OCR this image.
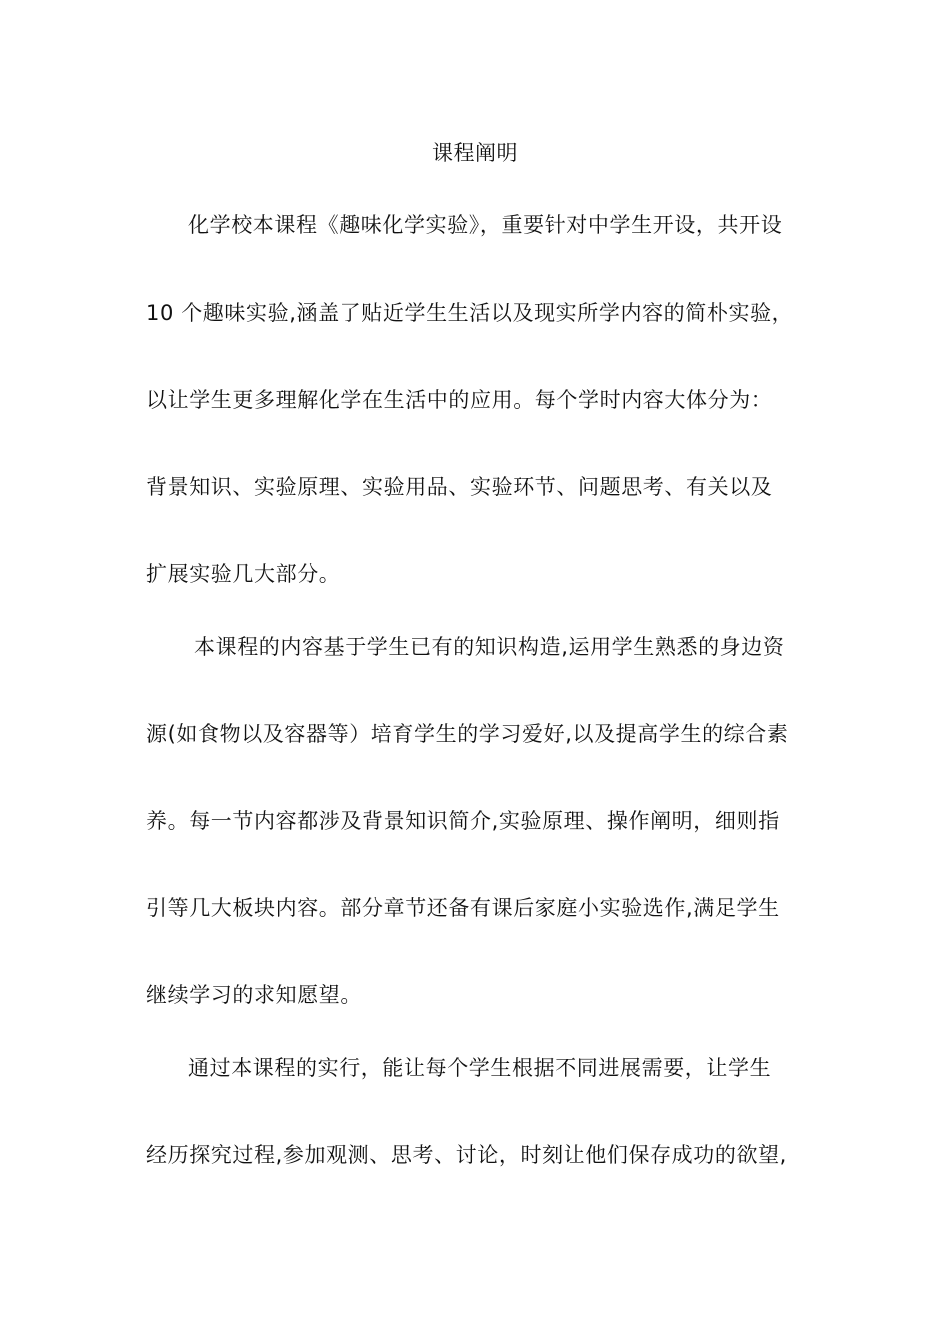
课程阐明
化学校本课程《趣味化学实验》，重要针对中学生开设，共开设
10 个趣味实验,涵盖了贴近学生生活以及现实所学内容的简朴实验，
以让学生更多理解化学在生活中的应用。每个学时内容大体分为：
背景知识、实验原理、实验用品、实验环节、问题思考、有关以及
扩展实验几大部分。
本课程的内容基于学生已有的知识构造,运用学生熟悉的身边资
源(如食物以及容器等）培育学生的学习爱好,以及提高学生的综合素
养。每一节内容都涉及背景知识简介,实验原理、操作阐明，细则指
引等几大板块内容。部分章节还备有课后家庭小实验选作,满足学生
继续学习的求知愿望。
通过本课程的实行，能让每个学生根据不同进展需要，让学生
经历探究过程,参加观测、思考、讨论，时刻让他们保存成功的欲望,
